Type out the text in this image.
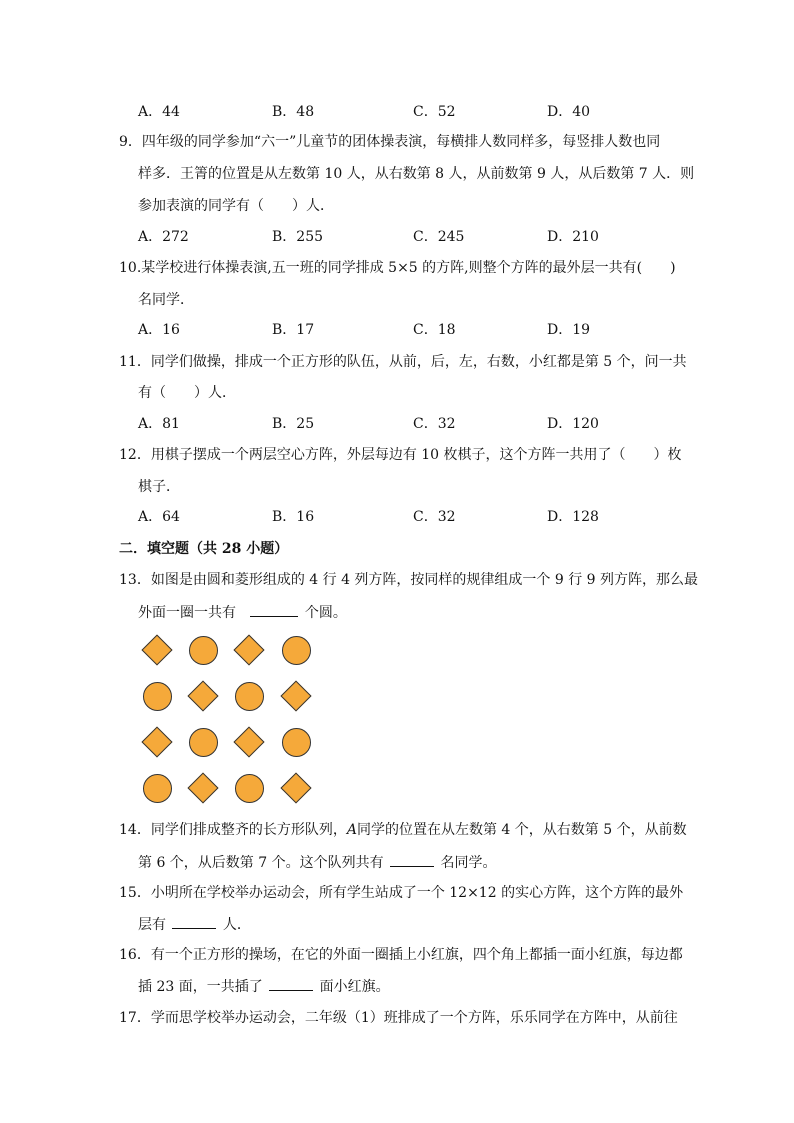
A．44	B．48	C．52	D．40
9．四年级的同学参加“六一”儿童节的团体操表演，每横排人数同样多，每竖排人数也同
样多．王箐的位置是从左数第 10 人，从右数第 8 人，从前数第 9 人，从后数第 7 人．则
参加表演的同学有（　　）人．
A．272	B．255	C．245	D．210
10.某学校进行体操表演,五一班的同学排成 5×5 的方阵,则整个方阵的最外层一共有(　　)
名同学．
A．16	B．17	C．18	D．19
11．同学们做操，排成一个正方形的队伍，从前，后，左，右数，小红都是第 5 个，问一共
有（　　）人．
A．81	B．25	C．32	D．120
12．用棋子摆成一个两层空心方阵，外层每边有 10 枚棋子，这个方阵一共用了（　　）枚
棋子．
A．64	B．16	C．32	D．128
二．填空题（共 28 小题）
13．如图是由圆和菱形组成的 4 行 4 列方阵，按同样的规律组成一个 9 行 9 列方阵，那么最
外面一圈一共有	个圆。
14．同学们排成整齐的长方形队列，A同学的位置在从左数第 4 个，从右数第 5 个，从前数
第 6 个，从后数第 7 个。这个队列共有	名同学。
15．小明所在学校举办运动会，所有学生站成了一个 12×12 的实心方阵，这个方阵的最外
层有	人．
16．有一个正方形的操场，在它的外面一圈插上小红旗，四个角上都插一面小红旗，每边都
插 23 面，一共插了	面小红旗。
17．学而思学校举办运动会，二年级（1）班排成了一个方阵，乐乐同学在方阵中，从前往
